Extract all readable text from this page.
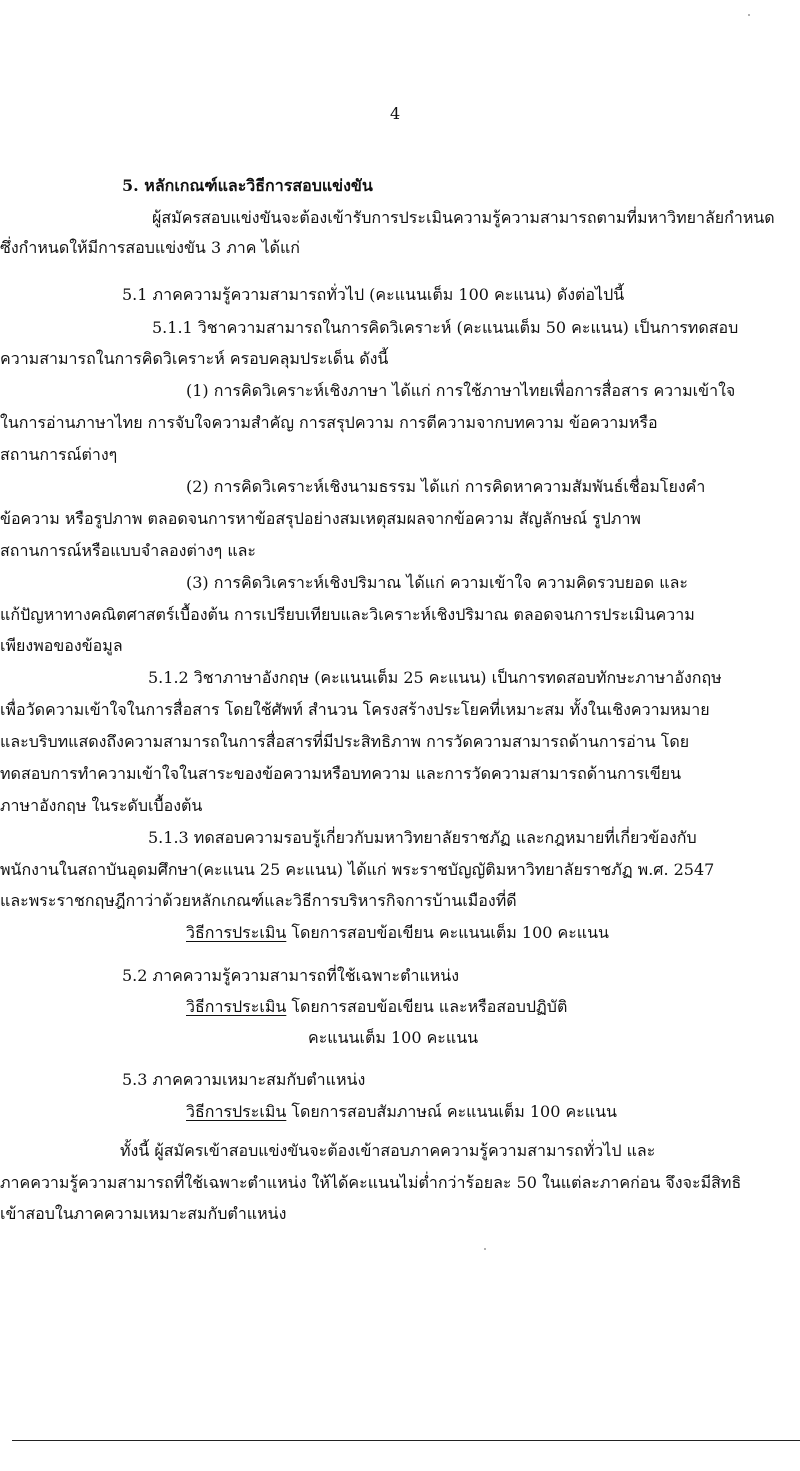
4
5. หลักเกณฑ์และวิธีการสอบแข่งขัน
ผู้สมัครสอบแข่งขันจะต้องเข้ารับการประเมินความรู้ความสามารถตามที่มหาวิทยาลัยกำหนด
ซึ่งกำหนดให้มีการสอบแข่งขัน 3 ภาค ได้แก่
5.1 ภาคความรู้ความสามารถทั่วไป (คะแนนเต็ม 100 คะแนน) ดังต่อไปนี้
5.1.1 วิชาความสามารถในการคิดวิเคราะห์ (คะแนนเต็ม 50 คะแนน) เป็นการทดสอบ
ความสามารถในการคิดวิเคราะห์ ครอบคลุมประเด็น ดังนี้
(1) การคิดวิเคราะห์เชิงภาษา ได้แก่ การใช้ภาษาไทยเพื่อการสื่อสาร ความเข้าใจ
ในการอ่านภาษาไทย การจับใจความสำคัญ การสรุปความ การตีความจากบทความ ข้อความหรือ
สถานการณ์ต่างๆ
(2) การคิดวิเคราะห์เชิงนามธรรม ได้แก่ การคิดหาความสัมพันธ์เชื่อมโยงคำ
ข้อความ หรือรูปภาพ ตลอดจนการหาข้อสรุปอย่างสมเหตุสมผลจากข้อความ สัญลักษณ์ รูปภาพ
สถานการณ์หรือแบบจำลองต่างๆ และ
(3) การคิดวิเคราะห์เชิงปริมาณ ได้แก่ ความเข้าใจ ความคิดรวบยอด และ
แก้ปัญหาทางคณิตศาสตร์เบื้องต้น การเปรียบเทียบและวิเคราะห์เชิงปริมาณ ตลอดจนการประเมินความ
เพียงพอของข้อมูล
5.1.2 วิชาภาษาอังกฤษ (คะแนนเต็ม 25 คะแนน) เป็นการทดสอบทักษะภาษาอังกฤษ
เพื่อวัดความเข้าใจในการสื่อสาร โดยใช้ศัพท์ สำนวน โครงสร้างประโยคที่เหมาะสม ทั้งในเชิงความหมาย
และบริบทแสดงถึงความสามารถในการสื่อสารที่มีประสิทธิภาพ การวัดความสามารถด้านการอ่าน โดย
ทดสอบการทำความเข้าใจในสาระของข้อความหรือบทความ และการวัดความสามารถด้านการเขียน
ภาษาอังกฤษ ในระดับเบื้องต้น
5.1.3 ทดสอบความรอบรู้เกี่ยวกับมหาวิทยาลัยราชภัฏ และกฎหมายที่เกี่ยวข้องกับ
พนักงานในสถาบันอุดมศึกษา(คะแนน 25 คะแนน) ได้แก่ พระราชบัญญัติมหาวิทยาลัยราชภัฏ พ.ศ. 2547
และพระราชกฤษฎีกาว่าด้วยหลักเกณฑ์และวิธีการบริหารกิจการบ้านเมืองที่ดี
วิธีการประเมิน โดยการสอบข้อเขียน คะแนนเต็ม 100 คะแนน
5.2 ภาคความรู้ความสามารถที่ใช้เฉพาะตำแหน่ง
วิธีการประเมิน โดยการสอบข้อเขียน และหรือสอบปฏิบัติ
คะแนนเต็ม 100 คะแนน
5.3 ภาคความเหมาะสมกับตำแหน่ง
วิธีการประเมิน โดยการสอบสัมภาษณ์ คะแนนเต็ม 100 คะแนน
ทั้งนี้ ผู้สมัครเข้าสอบแข่งขันจะต้องเข้าสอบภาคความรู้ความสามารถทั่วไป และ
ภาคความรู้ความสามารถที่ใช้เฉพาะตำแหน่ง ให้ได้คะแนนไม่ต่ำกว่าร้อยละ 50 ในแต่ละภาคก่อน จึงจะมีสิทธิ
เข้าสอบในภาคความเหมาะสมกับตำแหน่ง
